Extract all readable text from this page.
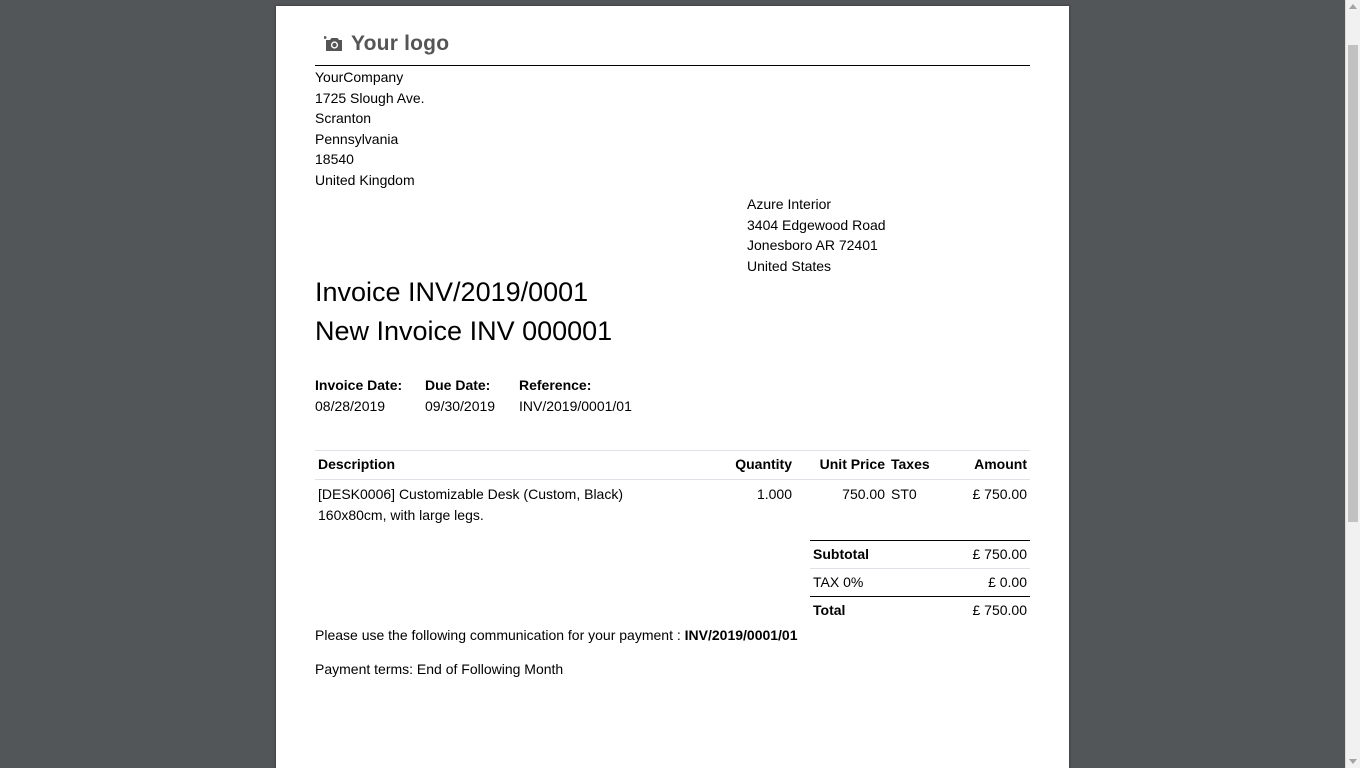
Your logo
YourCompany
1725 Slough Ave.
Scranton
Pennsylvania
18540
United Kingdom
Azure Interior
3404 Edgewood Road
Jonesboro AR 72401
United States
Invoice INV/2019/0001
New Invoice INV 000001
Invoice Date:
08/28/2019
Due Date:
09/30/2019
Reference:
INV/2019/0001/01
Description	Quantity	Unit Price	Taxes	Amount

[DESK0006] Customizable Desk (Custom, Black)
160x80cm, with large legs.	1.000	750.00	ST0	£ 750.00
Subtotal	£ 750.00
TAX 0%	£ 0.00
Total	£ 750.00
Please use the following communication for your payment : INV/2019/0001/01
Payment terms: End of Following Month
